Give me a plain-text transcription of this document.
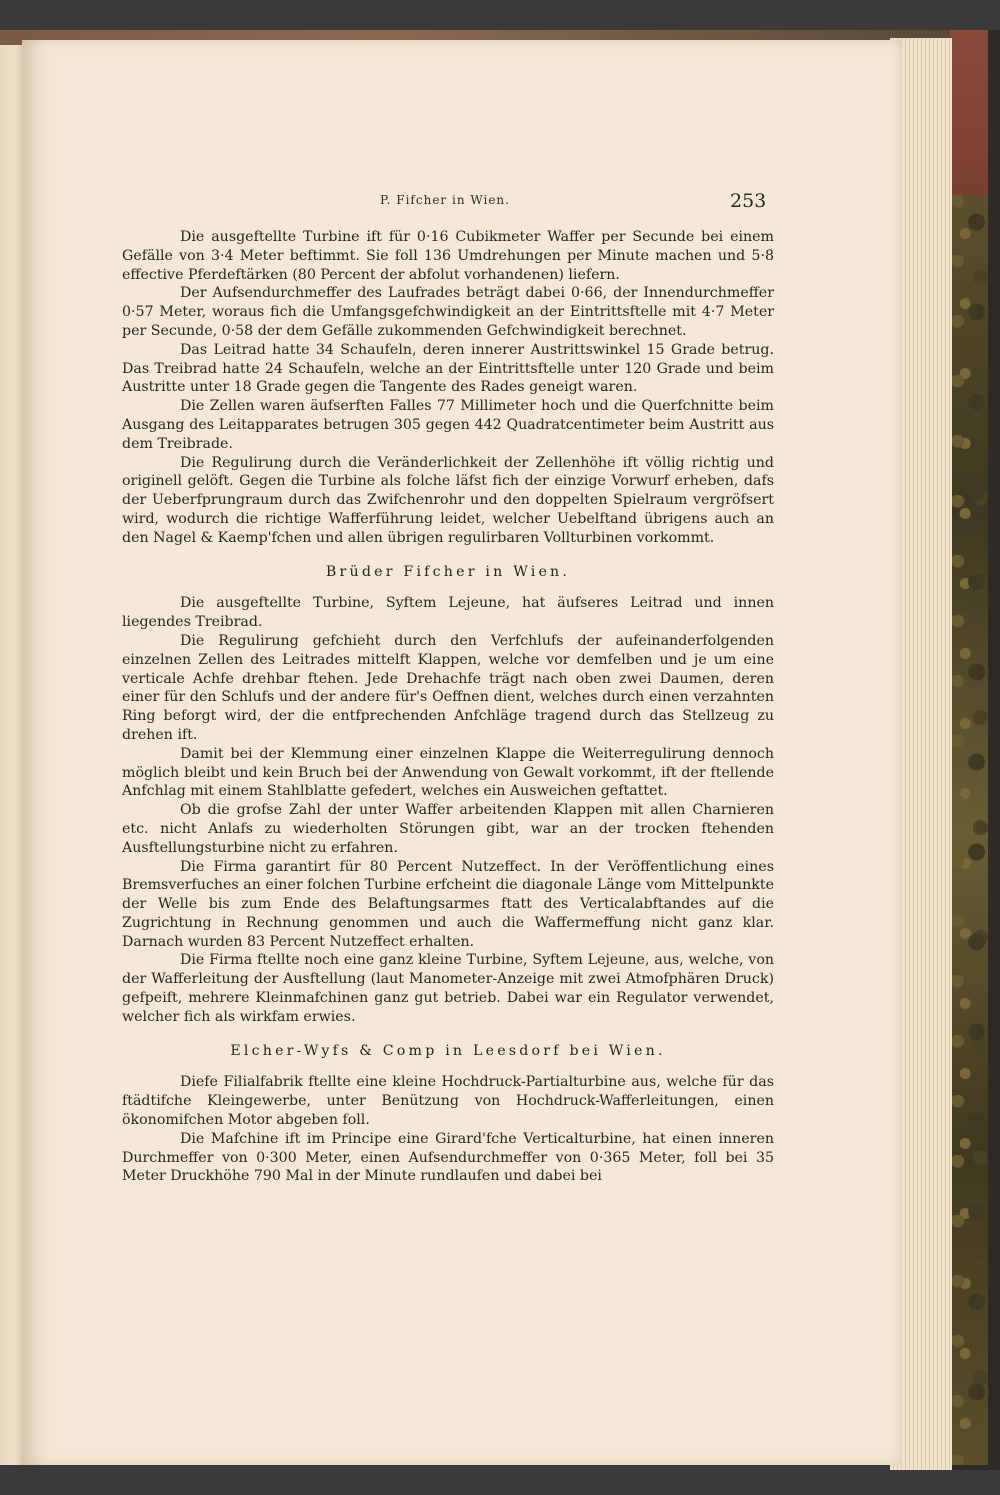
P. Fifcher in Wien.	253

Die ausgeftellte Turbine ift für 0·16 Cubikmeter Waffer per Secunde bei einem Gefälle von 3·4 Meter beftimmt. Sie foll 136 Umdrehungen per Minute machen und 5·8 effective Pferdeftärken (80 Percent der abfolut vorhandenen) liefern.

Der Aufsendurchmeffer des Laufrades beträgt dabei 0·66, der Innendurchmeffer 0·57 Meter, woraus fich die Umfangsgefchwindigkeit an der Eintrittsftelle mit 4·7 Meter per Secunde, 0·58 der dem Gefälle zukommenden Gefchwindigkeit berechnet.

Das Leitrad hatte 34 Schaufeln, deren innerer Austrittswinkel 15 Grade betrug. Das Treibrad hatte 24 Schaufeln, welche an der Eintrittsftelle unter 120 Grade und beim Austritte unter 18 Grade gegen die Tangente des Rades geneigt waren.

Die Zellen waren äufserften Falles 77 Millimeter hoch und die Querfchnitte beim Ausgang des Leitapparates betrugen 305 gegen 442 Quadratcentimeter beim Austritt aus dem Treibrade.

Die Regulirung durch die Veränderlichkeit der Zellenhöhe ift völlig richtig und originell gelöft. Gegen die Turbine als folche läfst fich der einzige Vorwurf erheben, dafs der Ueberfprungraum durch das Zwifchenrohr und den doppelten Spielraum vergröfsert wird, wodurch die richtige Wafferführung leidet, welcher Uebelftand übrigens auch an den Nagel & Kaemp'fchen und allen übrigen regulirbaren Vollturbinen vorkommt.

Brüder Fifcher in Wien.

Die ausgeftellte Turbine, Syftem Lejeune, hat äufseres Leitrad und innen liegendes Treibrad.

Die Regulirung gefchieht durch den Verfchlufs der aufeinanderfolgenden einzelnen Zellen des Leitrades mittelft Klappen, welche vor demfelben und je um eine verticale Achfe drehbar ftehen. Jede Drehachfe trägt nach oben zwei Daumen, deren einer für den Schlufs und der andere für's Oeffnen dient, welches durch einen verzahnten Ring beforgt wird, der die entfprechenden Anfchläge tragend durch das Stellzeug zu drehen ift.

Damit bei der Klemmung einer einzelnen Klappe die Weiterregulirung dennoch möglich bleibt und kein Bruch bei der Anwendung von Gewalt vorkommt, ift der ftellende Anfchlag mit einem Stahlblatte gefedert, welches ein Ausweichen geftattet.

Ob die grofse Zahl der unter Waffer arbeitenden Klappen mit allen Charnieren etc. nicht Anlafs zu wiederholten Störungen gibt, war an der trocken ftehenden Ausftellungsturbine nicht zu erfahren.

Die Firma garantirt für 80 Percent Nutzeffect. In der Veröffentlichung eines Bremsverfuches an einer folchen Turbine erfcheint die diagonale Länge vom Mittelpunkte der Welle bis zum Ende des Belaftungsarmes ftatt des Verticalabftandes auf die Zugrichtung in Rechnung genommen und auch die Waffermeffung nicht ganz klar. Darnach wurden 83 Percent Nutzeffect erhalten.

Die Firma ftellte noch eine ganz kleine Turbine, Syftem Lejeune, aus, welche, von der Wafferleitung der Ausftellung (laut Manometer-Anzeige mit zwei Atmofphären Druck) gefpeift, mehrere Kleinmafchinen ganz gut betrieb. Dabei war ein Regulator verwendet, welcher fich als wirkfam erwies.

Elcher-Wyfs & Comp in Leesdorf bei Wien.

Diefe Filialfabrik ftellte eine kleine Hochdruck-Partialturbine aus, welche für das ftädtifche Kleingewerbe, unter Benützung von Hochdruck-Wafferleitungen, einen ökonomifchen Motor abgeben foll.

Die Mafchine ift im Principe eine Girard'fche Verticalturbine, hat einen inneren Durchmeffer von 0·300 Meter, einen Aufsendurchmeffer von 0·365 Meter, foll bei 35 Meter Druckhöhe 790 Mal in der Minute rundlaufen und dabei bei
